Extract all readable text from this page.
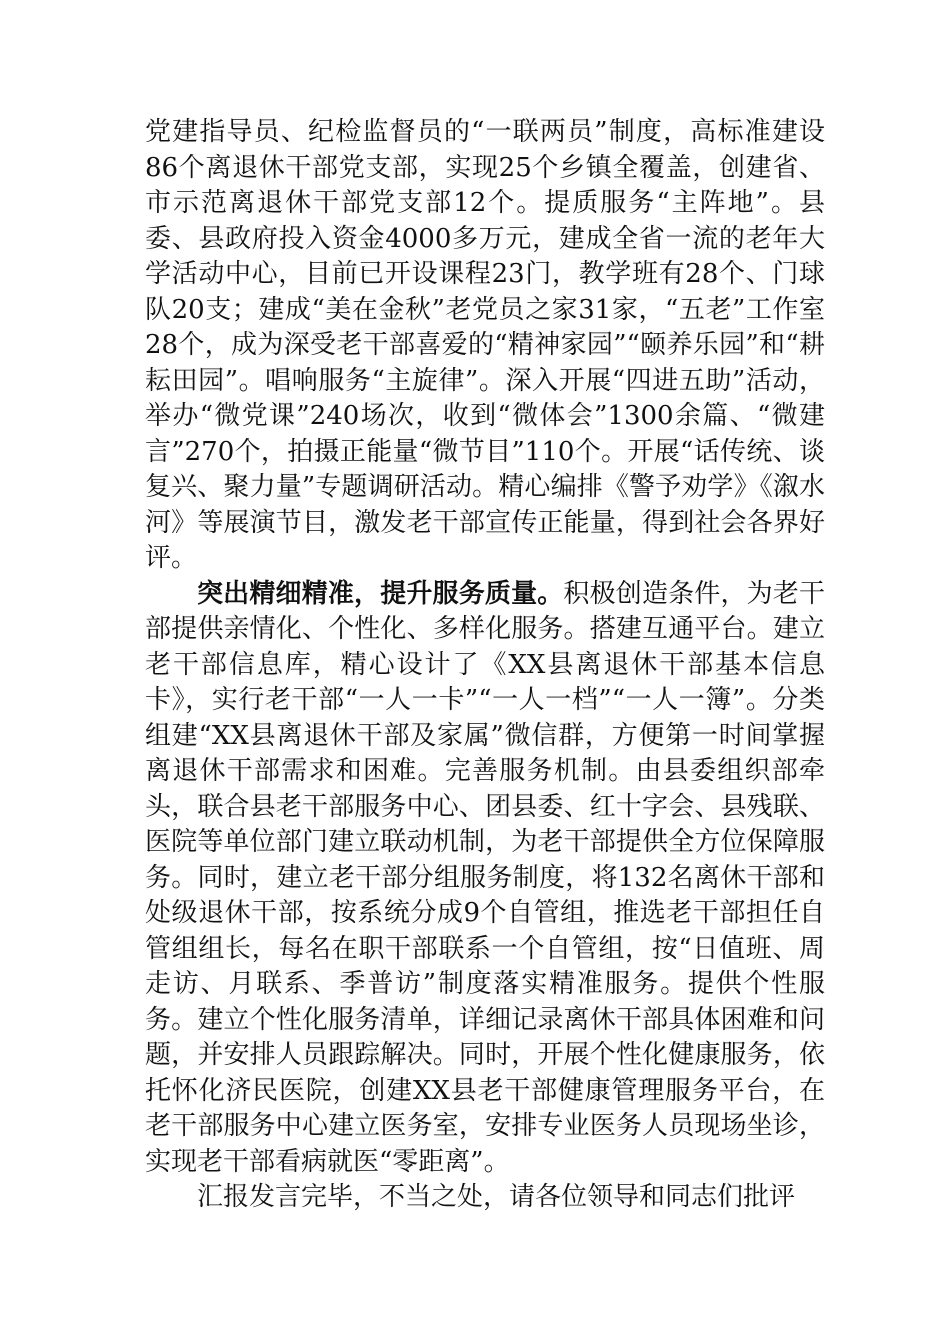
党建指导员、纪检监督员的“一联两员”制度，高标准建设86个离退休干部党支部，实现25个乡镇全覆盖，创建省、市示范离退休干部党支部12个。提质服务“主阵地”。县委、县政府投入资金4000多万元，建成全省一流的老年大学活动中心，目前已开设课程23门，教学班有28个、门球队20支；建成“美在金秋”老党员之家31家，“五老”工作室28个，成为深受老干部喜爱的“精神家园”“颐养乐园”和“耕耘田园”。唱响服务“主旋律”。深入开展“四进五助”活动，举办“微党课”240场次，收到“微体会”1300余篇、“微建言”270个，拍摄正能量“微节目”110个。开展“话传统、谈复兴、聚力量”专题调研活动。精心编排《警予劝学》《溆水河》等展演节目，激发老干部宣传正能量，得到社会各界好评。

突出精细精准，提升服务质量。积极创造条件，为老干部提供亲情化、个性化、多样化服务。搭建互通平台。建立老干部信息库，精心设计了《XX县离退休干部基本信息卡》，实行老干部“一人一卡”“一人一档”“一人一簿”。分类组建“XX县离退休干部及家属”微信群，方便第一时间掌握离退休干部需求和困难。完善服务机制。由县委组织部牵头，联合县老干部服务中心、团县委、红十字会、县残联、医院等单位部门建立联动机制，为老干部提供全方位保障服务。同时，建立老干部分组服务制度，将132名离休干部和处级退休干部，按系统分成9个自管组，推选老干部担任自管组组长，每名在职干部联系一个自管组，按“日值班、周走访、月联系、季普访”制度落实精准服务。提供个性服务。建立个性化服务清单，详细记录离休干部具体困难和问题，并安排人员跟踪解决。同时，开展个性化健康服务，依托怀化济民医院，创建XX县老干部健康管理服务平台，在老干部服务中心建立医务室，安排专业医务人员现场坐诊，实现老干部看病就医“零距离”。

汇报发言完毕，不当之处，请各位领导和同志们批评
